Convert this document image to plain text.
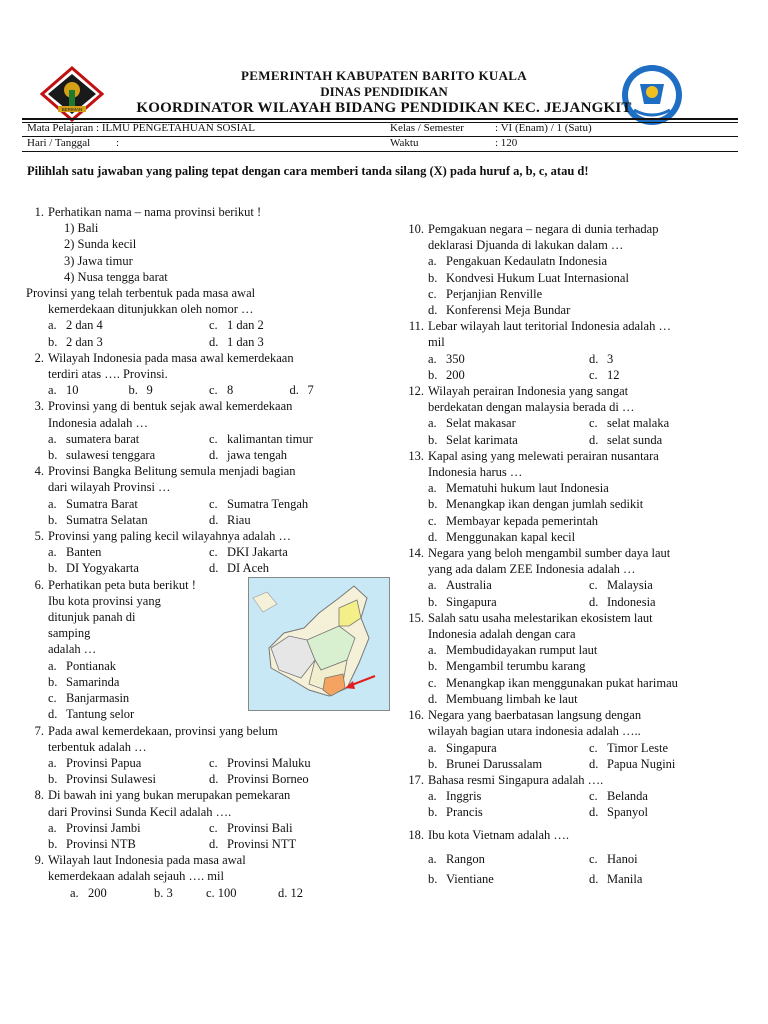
BERIMAN
PEMERINTAH KABUPATEN BARITO KUALA
DINAS PENDIDIKAN
KOORDINATOR WILAYAH BIDANG PENDIDIKAN KEC. JEJANGKIT
Mata Pelajaran : ILMU PENGETAHUAN SOSIAL	Kelas / Semester	: VI (Enam) / 1 (Satu)
Hari / Tanggal :	Waktu	: 120
Pilihlah satu jawaban yang paling tepat dengan cara memberi tanda silang (X) pada huruf a, b, c, atau d!
1. Perhatikan nama – nama provinsi berikut !
1) Bali
2) Sunda kecil
3) Jawa timur
4) Nusa tengga barat
Provinsi yang telah terbentuk pada masa awal
kemerdekaan ditunjukkan oleh nomor …
a. 2 dan 4	c. 1 dan 2
b. 2 dan 3	d. 1 dan 3
2. Wilayah Indonesia pada masa awal kemerdekaan
terdiri atas …. Provinsi.
a. 10	b. 9	c. 8	d. 7
3. Provinsi yang di bentuk sejak awal kemerdekaan
Indonesia adalah …
a. sumatera barat	c. kalimantan timur
b. sulawesi tenggara	d. jawa tengah
4. Provinsi Bangka Belitung semula menjadi bagian
dari wilayah Provinsi …
a. Sumatra Barat	c. Sumatra Tengah
b. Sumatra Selatan	d. Riau
5. Provinsi yang paling kecil wilayahnya adalah …
a. Banten	c. DKI Jakarta
b. DI Yogyakarta	d. DI Aceh
6. Perhatikan peta buta berikut !
Ibu kota provinsi yang
ditunjuk panah di
samping
adalah …
a. Pontianak
b. Samarinda
c. Banjarmasin
d. Tantung selor
7. Pada awal kemerdekaan, provinsi yang belum
terbentuk adalah …
a. Provinsi Papua	c. Provinsi Maluku
b. Provinsi Sulawesi	d. Provinsi Borneo
8. Di bawah ini yang bukan merupakan pemekaran
dari Provinsi Sunda Kecil adalah ….
a. Provinsi Jambi	c. Provinsi Bali
b. Provinsi NTB	d. Provinsi NTT
9. Wilayah laut Indonesia pada masa awal
kemerdekaan adalah sejauh …. mil
a. 200	b. 3	c. 100	d. 12
10. Pemgakuan negara – negara di dunia terhadap
deklarasi Djuanda di lakukan dalam …
a. Pengakuan Kedaulatn Indonesia
b. Kondvesi Hukum Luat Internasional
c. Perjanjian Renville
d. Konferensi Meja Bundar
11. Lebar wilayah laut teritorial Indonesia adalah …
mil
a. 350	d. 3
b. 200	c. 12
12. Wilayah perairan Indonesia yang sangat
berdekatan dengan malaysia berada di …
a. Selat makasar	c. selat malaka
b. Selat karimata	d. selat sunda
13. Kapal asing yang melewati perairan nusantara
Indonesia harus …
a. Mematuhi hukum laut Indonesia
b. Menangkap ikan dengan jumlah sedikit
c. Membayar kepada pemerintah
d. Menggunakan kapal kecil
14. Negara yang beloh mengambil sumber daya laut
yang ada dalam ZEE Indonesia adalah …
a. Australia	c. Malaysia
b. Singapura	d. Indonesia
15. Salah satu usaha melestarikan ekosistem laut
Indonesia adalah dengan cara
a. Membudidayakan rumput laut
b. Mengambil terumbu karang
c. Menangkap ikan menggunakan pukat harimau
d. Membuang limbah ke laut
16. Negara yang baerbatasan langsung dengan
wilayah bagian utara indonesia adalah …..
a. Singapura	c. Timor Leste
b. Brunei Darussalam	d. Papua Nugini
17. Bahasa resmi Singapura adalah ….
a. Inggris	c. Belanda
b. Prancis	d. Spanyol
18. Ibu kota Vietnam adalah ….
a. Rangon	c. Hanoi
b. Vientiane	d. Manila
